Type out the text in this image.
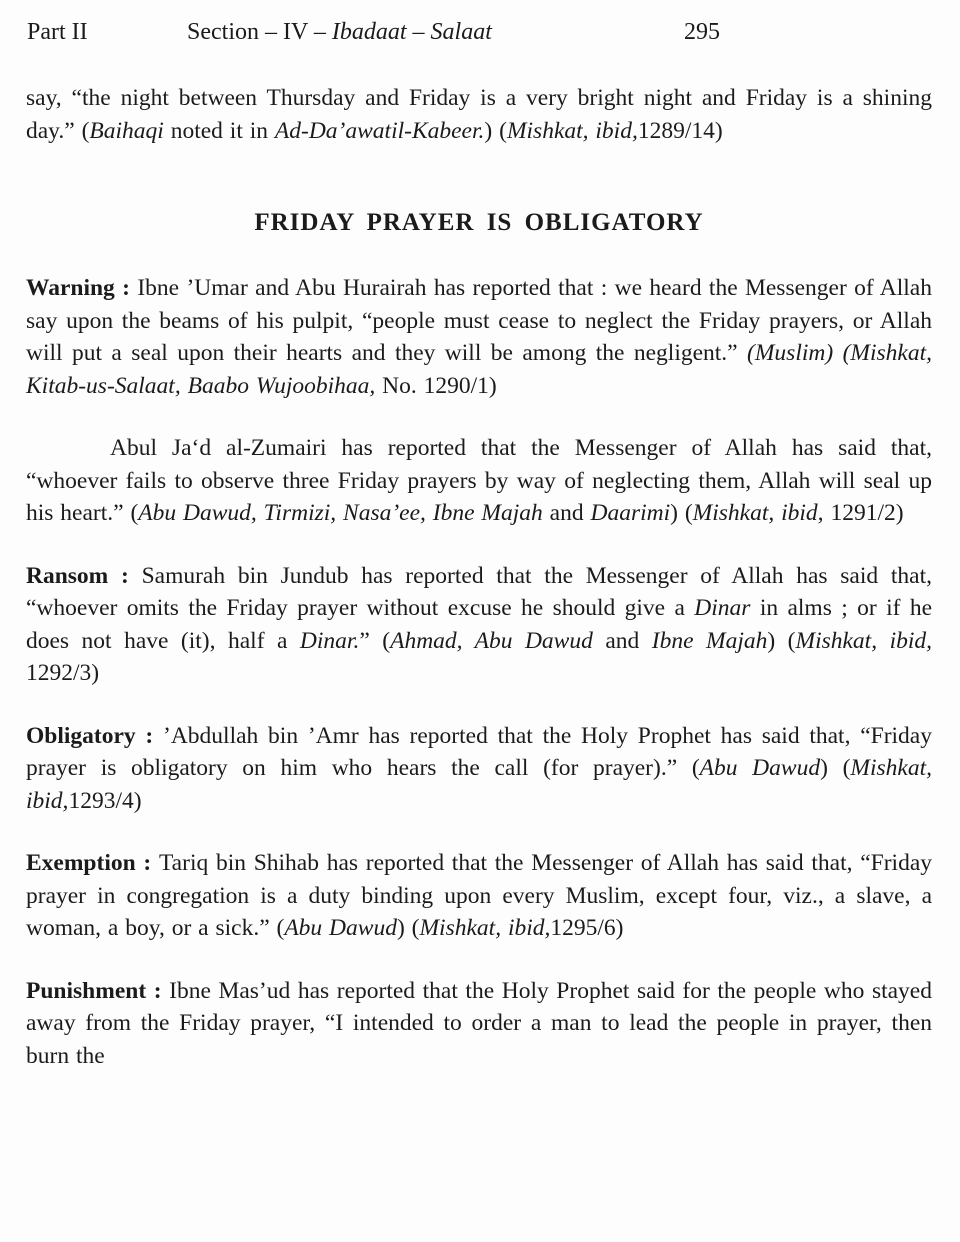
Part II	Section – IV – Ibadaat – Salaat	295

say, “the night between Thursday and Friday is a very bright night and Friday is a shining day.” (Baihaqi noted it in Ad-Da’awatil-Kabeer.) (Mishkat, ibid,1289/14)

FRIDAY PRAYER IS OBLIGATORY

Warning : Ibne ’Umar and Abu Hurairah has reported that : we heard the Messenger of Allah say upon the beams of his pulpit, “people must cease to neglect the Friday prayers, or Allah will put a seal upon their hearts and they will be among the negligent.” (Muslim) (Mishkat, Kitab-us-Salaat, Baabo Wujoobihaa, No. 1290/1)

Abul Ja‘d al-Zumairi has reported that the Messenger of Allah has said that, “whoever fails to observe three Friday prayers by way of neglecting them, Allah will seal up his heart.” (Abu Dawud, Tirmizi, Nasa’ee, Ibne Majah and Daarimi) (Mishkat, ibid, 1291/2)

Ransom : Samurah bin Jundub has reported that the Messenger of Allah has said that, “whoever omits the Friday prayer without excuse he should give a Dinar in alms ; or if he does not have (it), half a Dinar.” (Ahmad, Abu Dawud and Ibne Majah) (Mishkat, ibid, 1292/3)

Obligatory : ’Abdullah bin ’Amr has reported that the Holy Prophet has said that, “Friday prayer is obligatory on him who hears the call (for prayer).” (Abu Dawud) (Mishkat, ibid,1293/4)

Exemption : Tariq bin Shihab has reported that the Messenger of Allah has said that, “Friday prayer in congregation is a duty binding upon every Muslim, except four, viz., a slave, a woman, a boy, or a sick.” (Abu Dawud) (Mishkat, ibid,1295/6)

Punishment : Ibne Mas’ud has reported that the Holy Prophet said for the people who stayed away from the Friday prayer, “I intended to order a man to lead the people in prayer, then burn the
